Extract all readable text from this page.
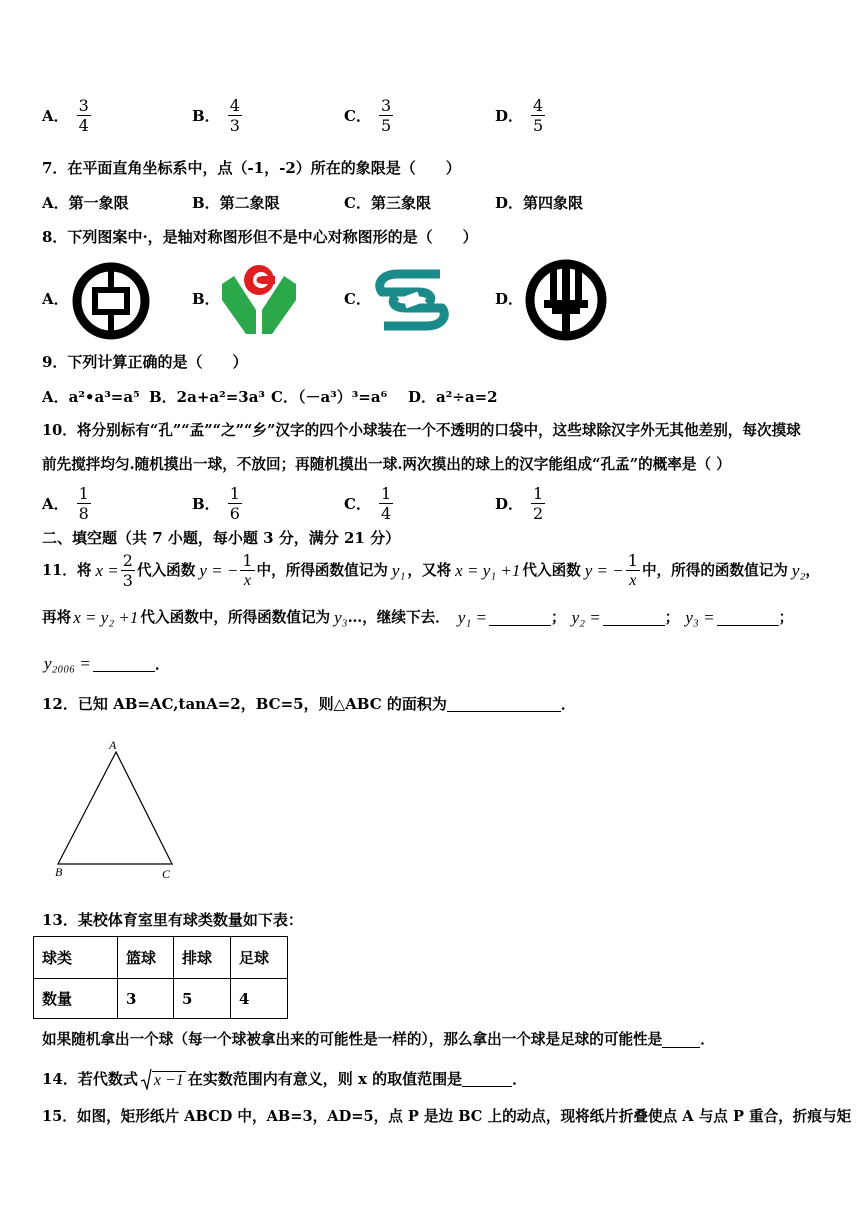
A． $\frac{3}{4}$	B． $\frac{4}{3}$	C． $\frac{3}{5}$	D． $\frac{4}{5}$
7．在平面直角坐标系中，点（-1，-2）所在的象限是（　　）
A．第一象限	B．第二象限	C．第三象限	D．第四象限
8．下列图案中·，是轴对称图形但不是中心对称图形的是（　　）
A．	B．	C．	D．
9．下列计算正确的是（　　）
A．a²•a³=a⁵ B．2a+a²=3a³ C．（－a³）³=a⁶ D．a²÷a=2
10．将分别标有“孔”“孟”“之”“乡”汉字的四个小球装在一个不透明的口袋中，这些球除汉字外无其他差别，每次摸球
前先搅拌均匀.随机摸出一球，不放回；再随机摸出一球.两次摸出的球上的汉字能组成“孔孟”的概率是（ ）
A． $\frac{1}{8}$	B． $\frac{1}{6}$	C． $\frac{1}{4}$	D． $\frac{1}{2}$
二、填空题（共 7 小题，每小题 3 分，满分 21 分）
11．将 $x = \frac{2}{3}$ 代入函数 y = − $\frac{1}{x}$ 中，所得函数值记为 y₁ ，又将 x = y₁ +1 代入函数 y = − $\frac{1}{x}$ 中，所得的函数值记为 y₂ ，
再将 x = y₂ +1 代入函数中，所得函数值记为 y₃ …，继续下去． y₁ =	； y₂ =	； y₃ =	；
y₂₀₀₆ =	．
12．已知 AB=AC,tanA=2，BC=5，则△ABC 的面积为	．
A
B	C
13．某校体育室里有球类数量如下表：
球类	篮球	排球	足球
数量	3	5	4
如果随机拿出一个球（每一个球被拿出来的可能性是一样的），那么拿出一个球是足球的可能性是	．
14．若代数式 x −1 在实数范围内有意义，则 x 的取值范围是	．
15．如图，矩形纸片 ABCD 中，AB=3，AD=5，点 P 是边 BC 上的动点，现将纸片折叠使点 A 与点 P 重合，折痕与矩
